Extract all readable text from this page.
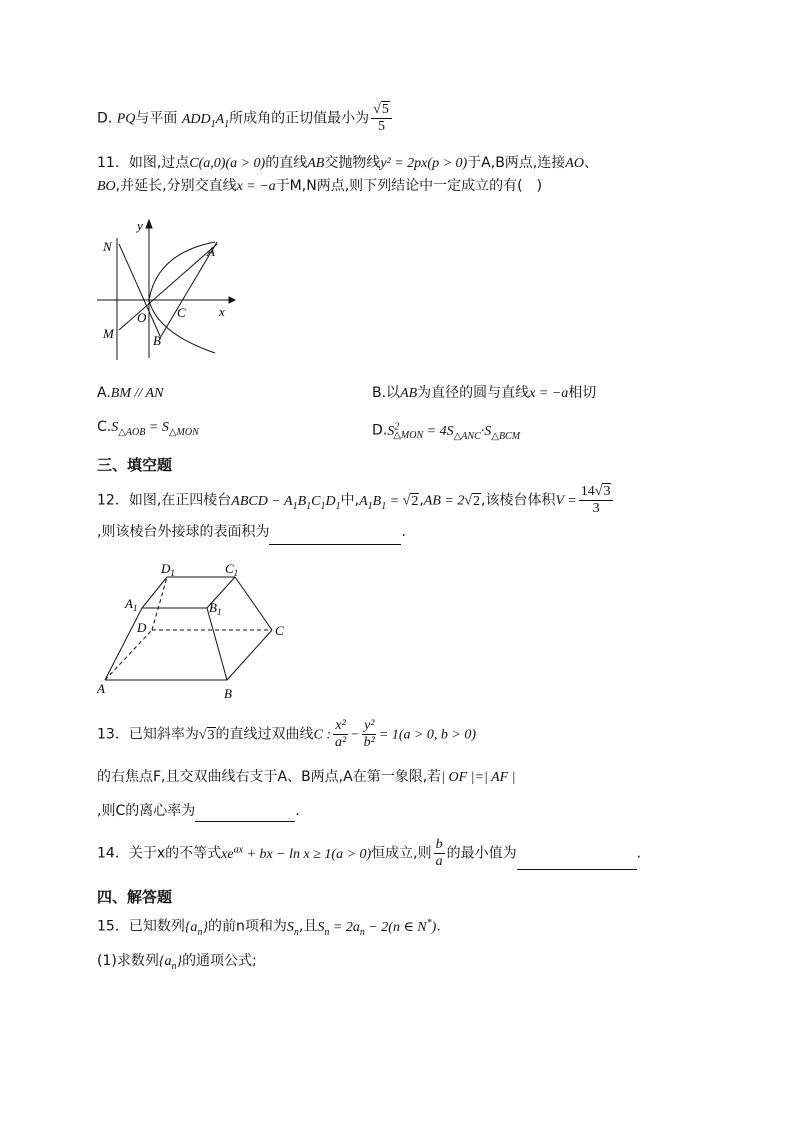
D. PQ与平面 $ADD_1A_1$所成角的正切值最小为 $\frac{√5}{5}$
11．如图,过点C(a,0)(a > 0)的直线AB交抛物线y² = 2px(p > 0)于A,B两点,连接AO、
BO,并延长,分别交直线x = −a于M,N两点,则下列结论中一定成立的有(　)
y
x
N	A
O C
M	B
A.BM // AN	B.以AB为直径的圆与直线x = −a相切
$C.S_{\triangle AOB} = S_{\triangle MON}$	$D.S^2_{\triangle MON} = 4S_{\triangle ANC}\cdot S_{\triangle BCM}$
三、填空题
12．如图,在正四棱台ABCD − $A_1B_1C_1D_1$中$,A_1B_1 = √2,AB = 2√2$,该棱台体积$V = \frac{14√3}{3}$

,则该棱台外接球的表面积为	.
$D_1$	$C_1$
$A_1$	$B_1$
D	C
A	B
13．已知斜率为√3的直线过双曲线C : $\frac{\text{x²}}{\text{a²}} - \frac{\text{y²}}{\text{b²}} = 1(a > 0$, b > 0)
的右焦点F,且交双曲线右支于A、B两点,A在第一象限,若| OF |=| AF |
,则C的离心率为	.
14．关于x的不等式$xe^{ax}$ + bx − ln x ≥ 1(a > 0)恒成立,则 $\frac{b}{a}$ 的最小值为	.
四、解答题
15．已知数列$\{a_n\}$的前n项和为$S_n$,且$S_n = 2a_n - 2(n$ ∈ N*).
(1)求数列$\{a_n\}$的通项公式;
